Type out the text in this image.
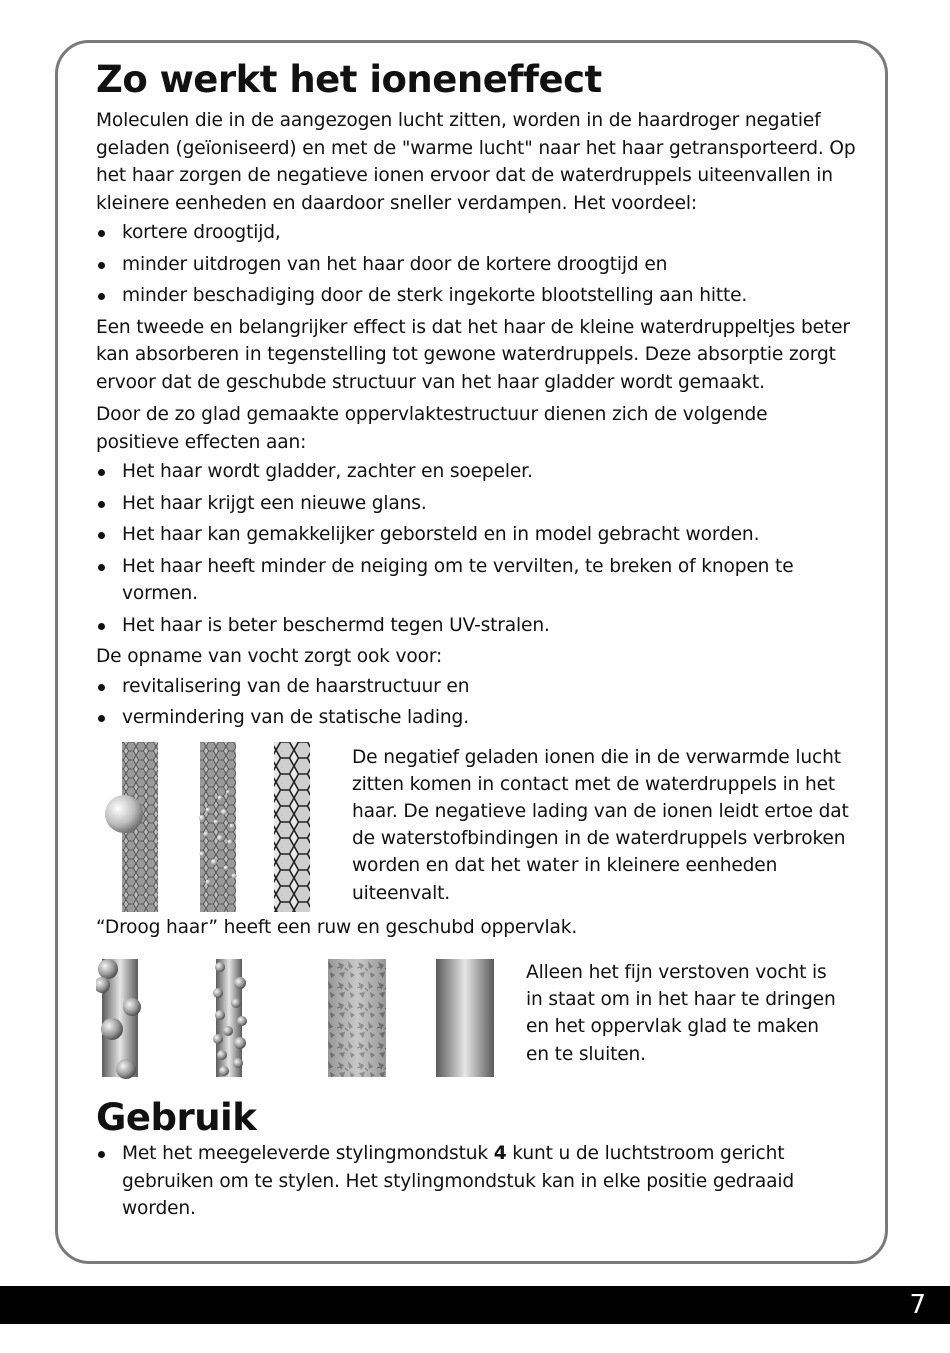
Zo werkt het ioneneffect

Moleculen die in de aangezogen lucht zitten, worden in de haardroger negatief geladen (geïoniseerd) en met de "warme lucht" naar het haar getransporteerd. Op het haar zorgen de negatieve ionen ervoor dat de waterdruppels uiteenvallen in kleinere eenheden en daardoor sneller verdampen. Het voordeel:

kortere droogtijd,
minder uitdrogen van het haar door de kortere droogtijd en
minder beschadiging door de sterk ingekorte blootstelling aan hitte.

Een tweede en belangrijker effect is dat het haar de kleine waterdruppeltjes beter kan absorberen in tegenstelling tot gewone waterdruppels. Deze absorptie zorgt ervoor dat de geschubde structuur van het haar gladder wordt gemaakt.

Door de zo glad gemaakte oppervlaktestructuur dienen zich de volgende positieve effecten aan:

Het haar wordt gladder, zachter en soepeler.
Het haar krijgt een nieuwe glans.
Het haar kan gemakkelijker geborsteld en in model gebracht worden.
Het haar heeft minder de neiging om te vervilten, te breken of knopen te vormen.
Het haar is beter beschermd tegen UV-stralen.

De opname van vocht zorgt ook voor:

revitalisering van de haarstructuur en
vermindering van de statische lading.

De negatief geladen ionen die in de verwarmde lucht zitten komen in contact met de waterdruppels in het haar. De negatieve lading van de ionen leidt ertoe dat de waterstofbindingen in de waterdruppels verbroken worden en dat het water in kleinere eenheden uiteenvalt.

“Droog haar” heeft een ruw en geschubd oppervlak.

Alleen het fijn verstoven vocht is in staat om in het haar te dringen en het oppervlak glad te maken en te sluiten.

Gebruik
Met het meegeleverde stylingmondstuk 4 kunt u de luchtstroom gericht gebruiken om te stylen. Het stylingmondstuk kan in elke positie gedraaid worden.
7
